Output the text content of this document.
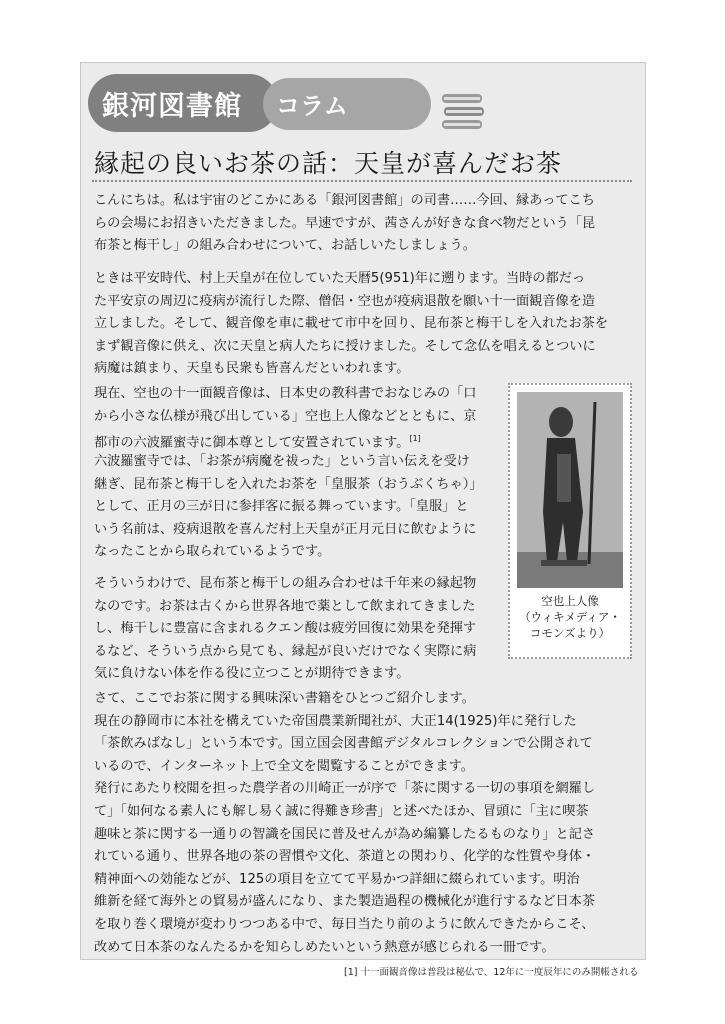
銀河図書館 コラム
縁起の良いお茶の話：天皇が喜んだお茶

こんにちは。私は宇宙のどこかにある「銀河図書館」の司書……今回、縁あってこち
らの会場にお招きいただきました。早速ですが、茜さんが好きな食べ物だという「昆
布茶と梅干し」の組み合わせについて、お話しいたしましょう。

ときは平安時代、村上天皇が在位していた天暦5(951)年に遡ります。当時の都だっ
た平安京の周辺に疫病が流行した際、僧侶・空也が疫病退散を願い十一面観音像を造
立しました。そして、観音像を車に載せて市中を回り、昆布茶と梅干しを入れたお茶を
まず観音像に供え、次に天皇と病人たちに授けました。そして念仏を唱えるとついに
病魔は鎮まり、天皇も民衆も皆喜んだといわれます。

現在、空也の十一面観音像は、日本史の教科書でおなじみの「口
から小さな仏様が飛び出している」空也上人像などとともに、京
都市の六波羅蜜寺に御本尊として安置されています。[1]

六波羅蜜寺では、「お茶が病魔を祓った」という言い伝えを受け
継ぎ、昆布茶と梅干しを入れたお茶を「皇服茶（おうぶくちゃ）」
として、正月の三が日に参拝客に振る舞っています。「皇服」と
いう名前は、疫病退散を喜んだ村上天皇が正月元日に飲むように
なったことから取られているようです。

そういうわけで、昆布茶と梅干しの組み合わせは千年来の縁起物
なのです。お茶は古くから世界各地で薬として飲まれてきました
し、梅干しに豊富に含まれるクエン酸は疲労回復に効果を発揮す
るなど、そういう点から見ても、縁起が良いだけでなく実際に病
気に負けない体を作る役に立つことが期待できます。

空也上人像
（ウィキメディア・
コモンズより）

さて、ここでお茶に関する興味深い書籍をひとつご紹介します。
現在の静岡市に本社を構えていた帝国農業新聞社が、大正14(1925)年に発行した
「茶飲みばなし」という本です。国立国会図書館デジタルコレクションで公開されて
いるので、インターネット上で全文を閲覧することができます。
発行にあたり校閲を担った農学者の川崎正一が序で「茶に関する一切の事項を網羅し
て」「如何なる素人にも解し易く誠に得難き珍書」と述べたほか、冒頭に「主に喫茶
趣味と茶に関する一通りの智識を国民に普及せんが為め編纂したるものなり」と記さ
れている通り、世界各地の茶の習慣や文化、茶道との関わり、化学的な性質や身体・
精神面への効能などが、125の項目を立てて平易かつ詳細に綴られています。明治
維新を経て海外との貿易が盛んになり、また製造過程の機械化が進行するなど日本茶
を取り巻く環境が変わりつつある中で、毎日当たり前のように飲んできたからこそ、
改めて日本茶のなんたるかを知らしめたいという熱意が感じられる一冊です。

[1] 十一面観音像は普段は秘仏で、12年に一度辰年にのみ開帳される
